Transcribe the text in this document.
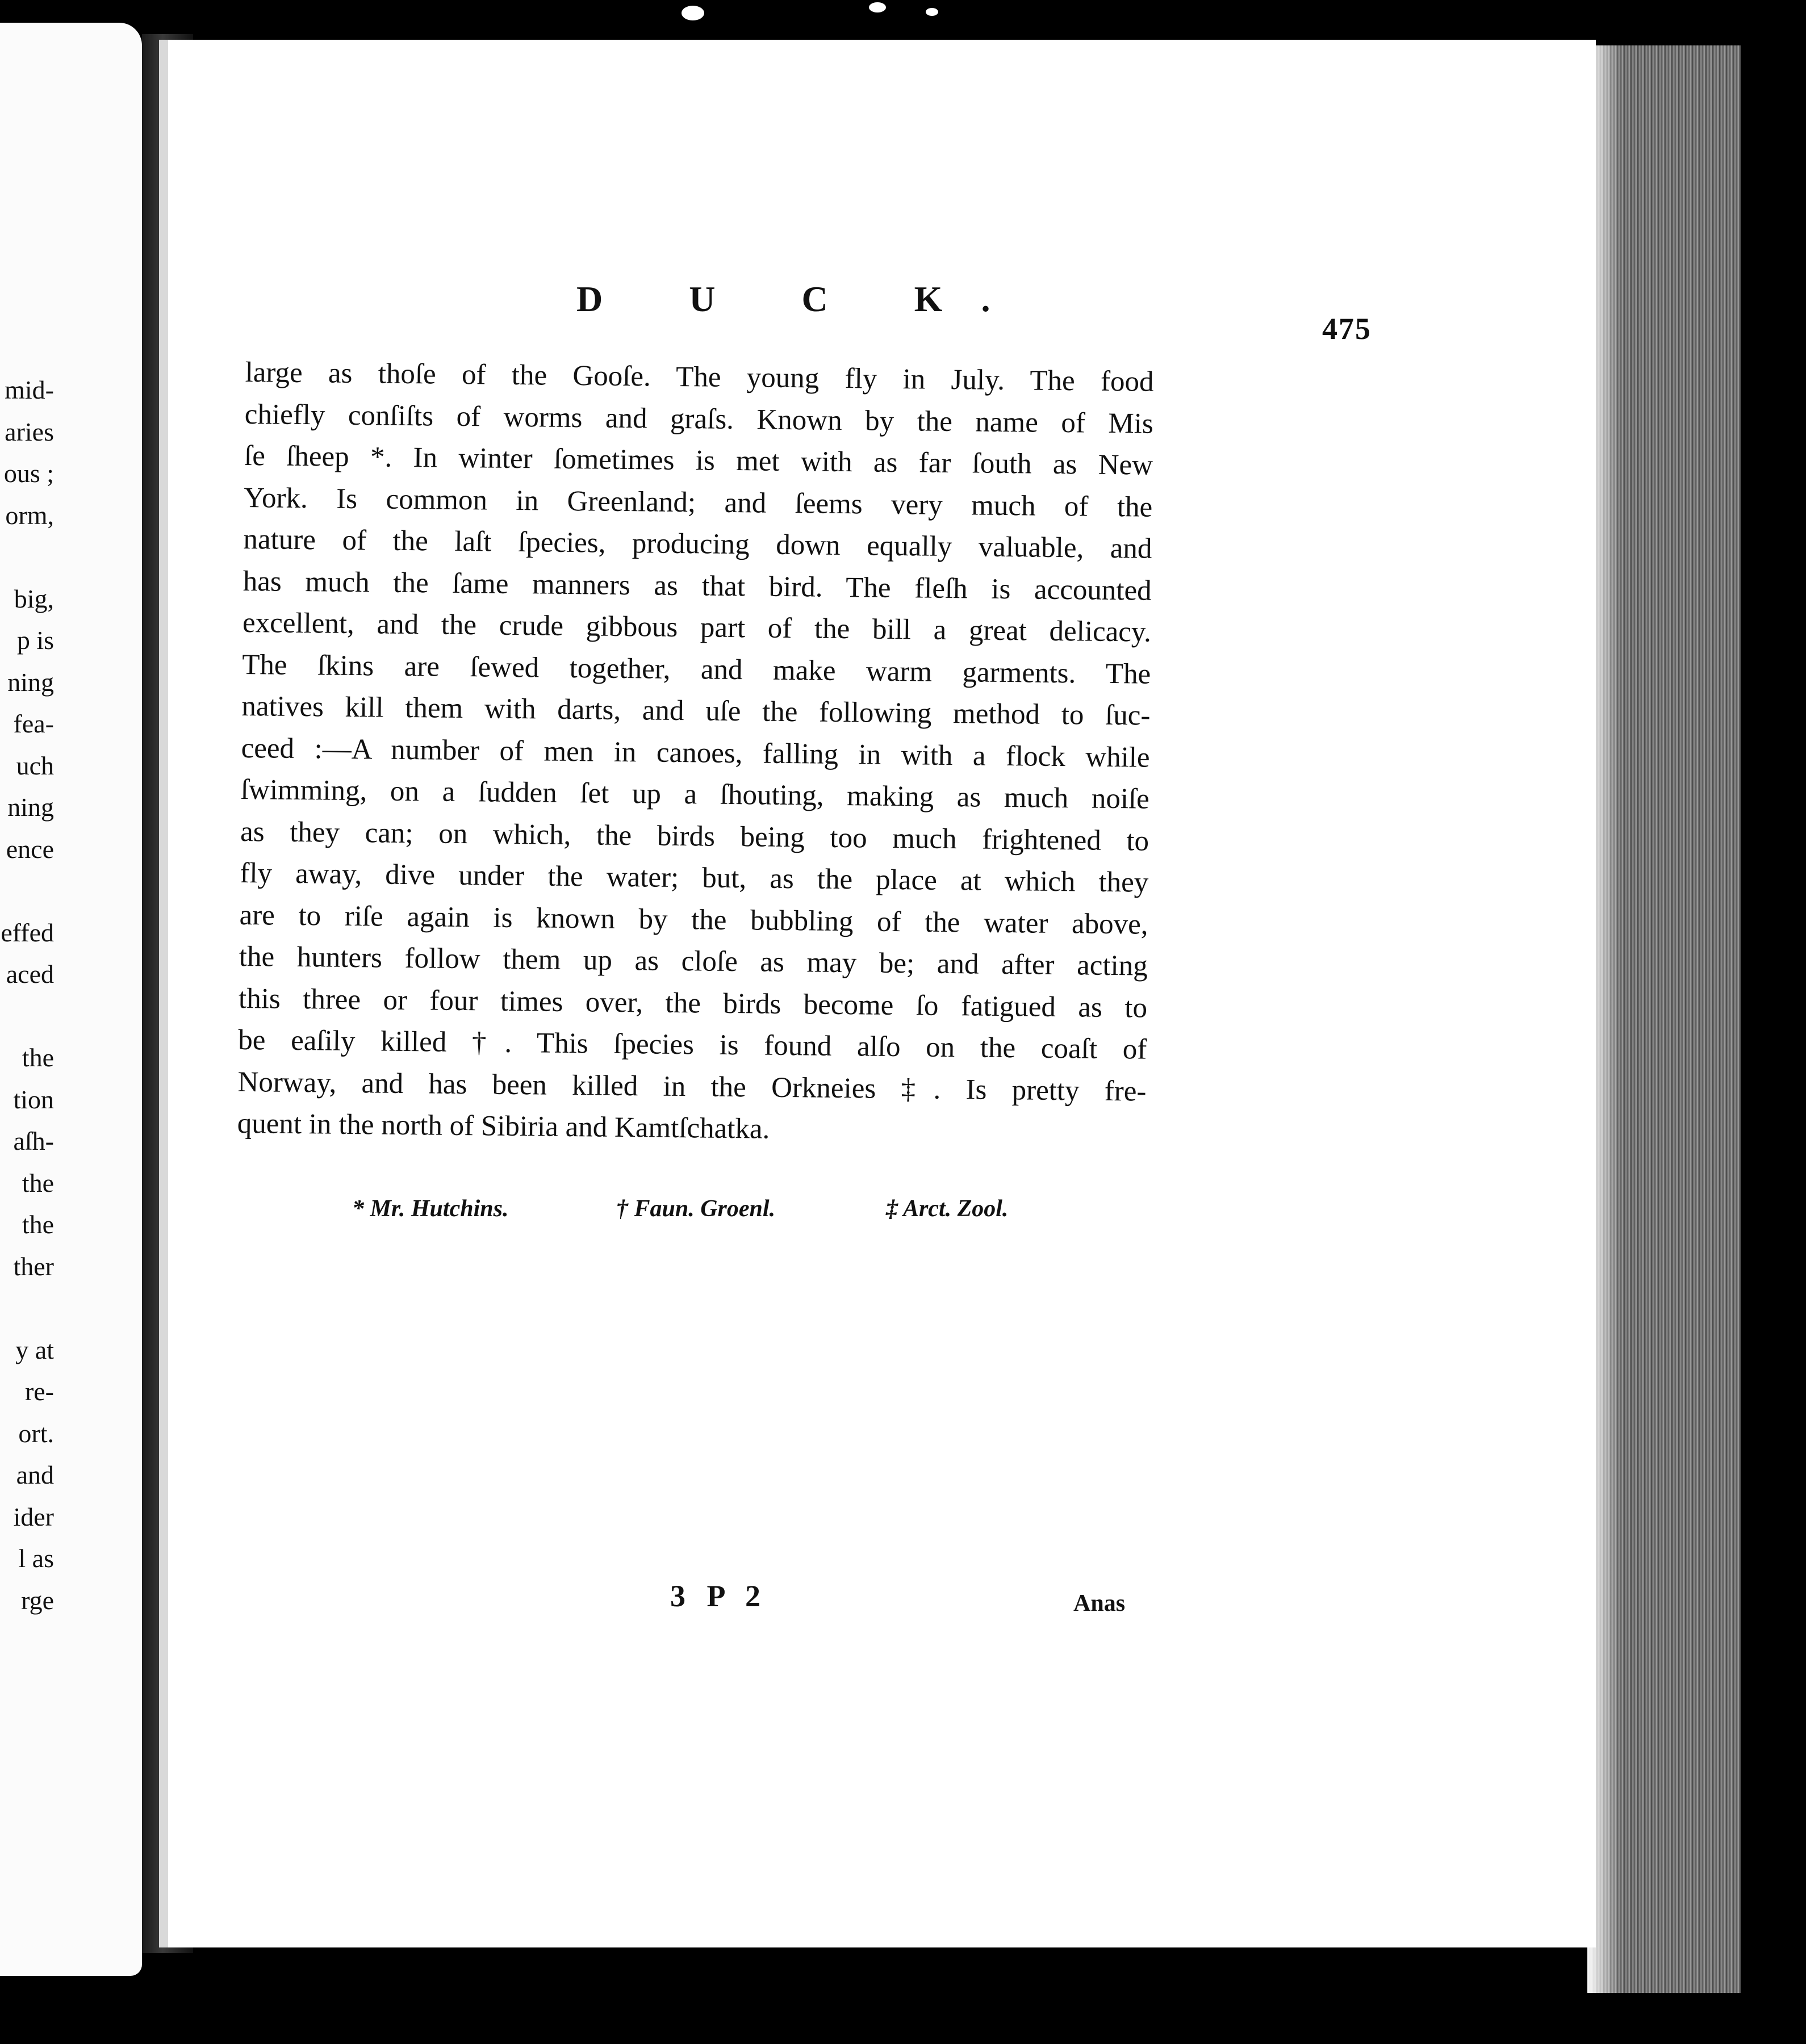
mid-
aries
ous ;
orm,
big,
p is
ning
fea-
uch
ning
ence
effed
aced
the
tion
aſh-
the
the
ther
y at
re-
ort.
and
ider
l as
rge
D U C K.
475
large as thoſe of the Gooſe. The young fly in July. The food
chiefly conſiſts of worms and graſs. Known by the name of Mis
ſe ſheep *. In winter ſometimes is met with as far ſouth as New
York. Is common in Greenland; and ſeems very much of the
nature of the laſt ſpecies, producing down equally valuable, and
has much the ſame manners as that bird. The fleſh is accounted
excellent, and the crude gibbous part of the bill a great delicacy.
The ſkins are ſewed together, and make warm garments. The
natives kill them with darts, and uſe the following method to ſuc-
ceed :—A number of men in canoes, falling in with a flock while
ſwimming, on a ſudden ſet up a ſhouting, making as much noiſe
as they can; on which, the birds being too much frightened to
fly away, dive under the water; but, as the place at which they
are to riſe again is known by the bubbling of the water above,
the hunters follow them up as cloſe as may be; and after acting
this three or four times over, the birds become ſo fatigued as to
be eaſily killed †. This ſpecies is found alſo on the coaſt of
Norway, and has been killed in the Orkneies ‡. Is pretty fre-
quent in the north of Sibiria and Kamtſchatka.
* Mr. Hutchins.	† Faun. Groenl.	‡ Arct. Zool.
3 P 2	Anas
